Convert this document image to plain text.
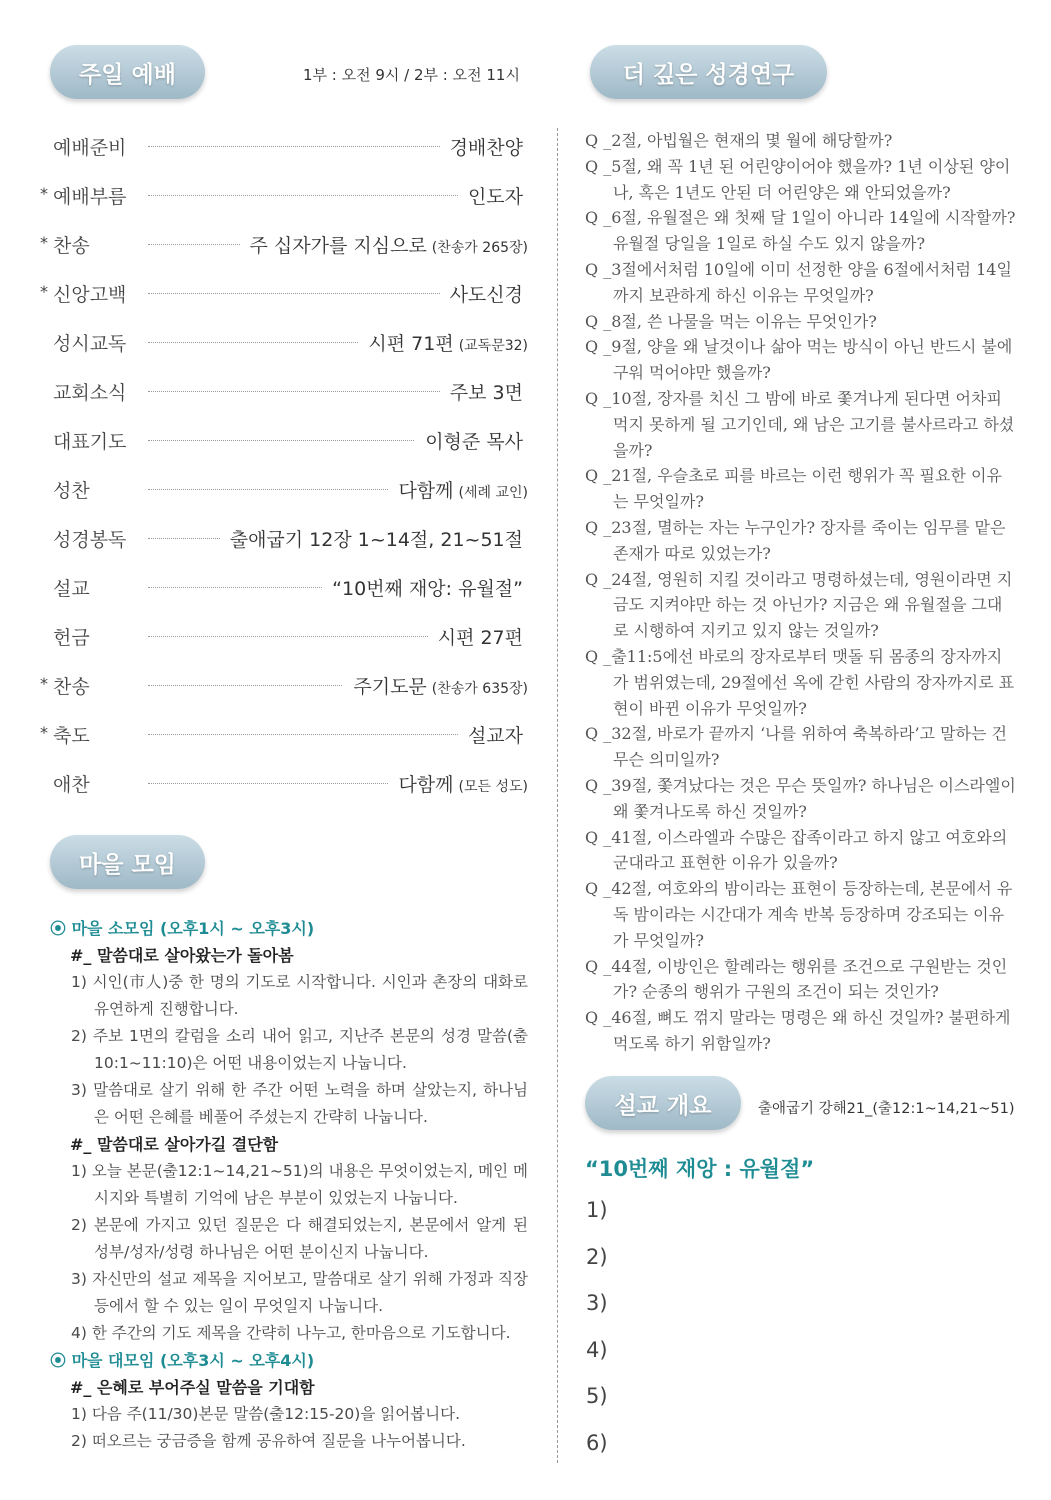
주일 예배	1부 : 오전 9시 / 2부 : 오전 11시	더 깊은 성경연구
마을 모임
설교 개요
예배준비	경배찬양
* 예배부름	인도자
* 찬송	주 십자가를 지심으로 (찬송가 265장)
* 신앙고백	사도신경
성시교독	시편 71편 (교독문32)
교회소식	주보 3면
대표기도	이형준 목사
성찬	다함께 (세례 교인)
성경봉독	출애굽기 12장 1~14절, 21~51절
설교	“10번째 재앙: 유월절”
헌금	시편 27편
* 찬송	주기도문 (찬송가 635장)
* 축도	설교자
애찬	다함께 (모든 성도)
⦿ 마을 소모임 (오후1시 ~ 오후3시)
#_ 말씀대로 살아왔는가 돌아봄
1) 시인(市人)중 한 명의 기도로 시작합니다. 시인과 촌장의 대화로 유연하게 진행합니다.
2) 주보 1면의 칼럼을 소리 내어 읽고, 지난주 본문의 성경 말씀(출10:1~11:10)은 어떤 내용이었는지 나눕니다.
3) 말씀대로 살기 위해 한 주간 어떤 노력을 하며 살았는지, 하나님은 어떤 은혜를 베풀어 주셨는지 간략히 나눕니다.
#_ 말씀대로 살아가길 결단함
1) 오늘 본문(출12:1~14,21~51)의 내용은 무엇이었는지, 메인 메시지와 특별히 기억에 남은 부분이 있었는지 나눕니다.
2) 본문에 가지고 있던 질문은 다 해결되었는지, 본문에서 알게 된 성부/성자/성령 하나님은 어떤 분이신지 나눕니다.
3) 자신만의 설교 제목을 지어보고, 말씀대로 살기 위해 가정과 직장 등에서 할 수 있는 일이 무엇일지 나눕니다.
4) 한 주간의 기도 제목을 간략히 나누고, 한마음으로 기도합니다.
⦿ 마을 대모임 (오후3시 ~ 오후4시)
#_ 은혜로 부어주실 말씀을 기대함
1) 다음 주(11/30)본문 말씀(출12:15-20)을 읽어봅니다.
2) 떠오르는 궁금증을 함께 공유하여 질문을 나누어봅니다.
Q _2절, 아빕월은 현재의 몇 월에 해당할까?
Q _5절, 왜 꼭 1년 된 어린양이어야 했을까? 1년 이상된 양이나, 혹은 1년도 안된 더 어린양은 왜 안되었을까?
Q _6절, 유월절은 왜 첫째 달 1일이 아니라 14일에 시작할까? 유월절 당일을 1일로 하실 수도 있지 않을까?
Q _3절에서처럼 10일에 이미 선정한 양을 6절에서처럼 14일까지 보관하게 하신 이유는 무엇일까?
Q _8절, 쓴 나물을 먹는 이유는 무엇인가?
Q _9절, 양을 왜 날것이나 삶아 먹는 방식이 아닌 반드시 불에 구워 먹어야만 했을까?
Q _10절, 장자를 치신 그 밤에 바로 쫓겨나게 된다면 어차피 먹지 못하게 될 고기인데, 왜 남은 고기를 불사르라고 하셨을까?
Q _21절, 우슬초로 피를 바르는 이런 행위가 꼭 필요한 이유는 무엇일까?
Q _23절, 멸하는 자는 누구인가? 장자를 죽이는 임무를 맡은 존재가 따로 있었는가?
Q _24절, 영원히 지킬 것이라고 명령하셨는데, 영원이라면 지금도 지켜야만 하는 것 아닌가? 지금은 왜 유월절을 그대로 시행하여 지키고 있지 않는 것일까?
Q _출11:5에선 바로의 장자로부터 맷돌 뒤 몸종의 장자까지가 범위였는데, 29절에선 옥에 갇힌 사람의 장자까지로 표현이 바뀐 이유가 무엇일까?
Q _32절, 바로가 끝까지 ‘나를 위하여 축복하라’고 말하는 건 무슨 의미일까?
Q _39절, 쫓겨났다는 것은 무슨 뜻일까? 하나님은 이스라엘이 왜 쫓겨나도록 하신 것일까?
Q _41절, 이스라엘과 수많은 잡족이라고 하지 않고 여호와의 군대라고 표현한 이유가 있을까?
Q _42절, 여호와의 밤이라는 표현이 등장하는데, 본문에서 유독 밤이라는 시간대가 계속 반복 등장하며 강조되는 이유가 무엇일까?
Q _44절, 이방인은 할례라는 행위를 조건으로 구원받는 것인가? 순종의 행위가 구원의 조건이 되는 것인가?
Q _46절, 뼈도 꺾지 말라는 명령은 왜 하신 것일까? 불편하게 먹도록 하기 위함일까?
출애굽기 강해21_(출12:1~14,21~51)
“10번째 재앙 : 유월절”
1)
2)
3)
4)
5)
6)
